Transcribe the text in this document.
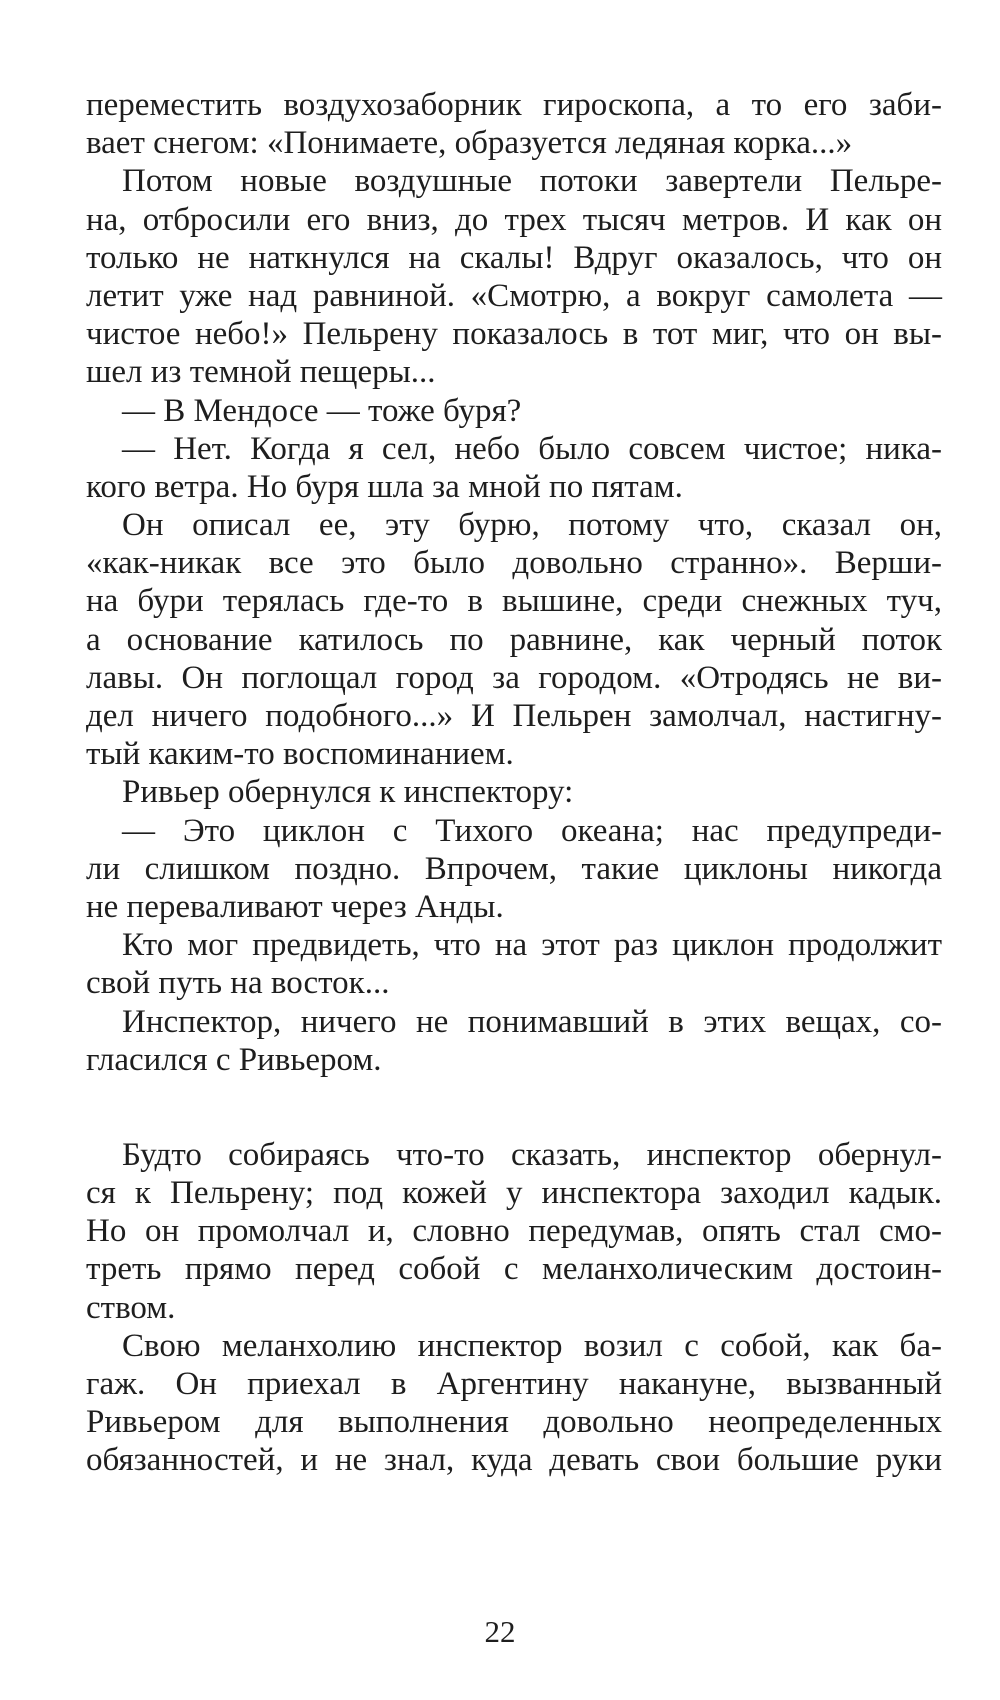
переместить воздухозаборник гироскопа, а то его заби-
вает снегом: «Понимаете, образуется ледяная корка...»
Потом новые воздушные потоки завертели Пельре-
на, отбросили его вниз, до трех тысяч метров. И как он
только не наткнулся на скалы! Вдруг оказалось, что он
летит уже над равниной. «Смотрю, а вокруг самолета —
чистое небо!» Пельрену показалось в тот миг, что он вы-
шел из темной пещеры...
— В Мендосе — тоже буря?
— Нет. Когда я сел, небо было совсем чистое; ника-
кого ветра. Но буря шла за мной по пятам.
Он описал ее, эту бурю, потому что, сказал он,
«как-никак все это было довольно странно». Верши-
на бури терялась где-то в вышине, среди снежных туч,
а основание катилось по равнине, как черный поток
лавы. Он поглощал город за городом. «Отродясь не ви-
дел ничего подобного...» И Пельрен замолчал, настигну-
тый каким-то воспоминанием.
Ривьер обернулся к инспектору:
— Это циклон с Тихого океана; нас предупреди-
ли слишком поздно. Впрочем, такие циклоны никогда
не переваливают через Анды.
Кто мог предвидеть, что на этот раз циклон продолжит
свой путь на восток...
Инспектор, ничего не понимавший в этих вещах, со-
гласился с Ривьером.
Будто собираясь что-то сказать, инспектор обернул-
ся к Пельрену; под кожей у инспектора заходил кадык.
Но он промолчал и, словно передумав, опять стал смо-
треть прямо перед собой с меланхолическим достоин-
ством.
Свою меланхолию инспектор возил с собой, как ба-
гаж. Он приехал в Аргентину накануне, вызванный
Ривьером для выполнения довольно неопределенных
обязанностей, и не знал, куда девать свои большие руки
22
